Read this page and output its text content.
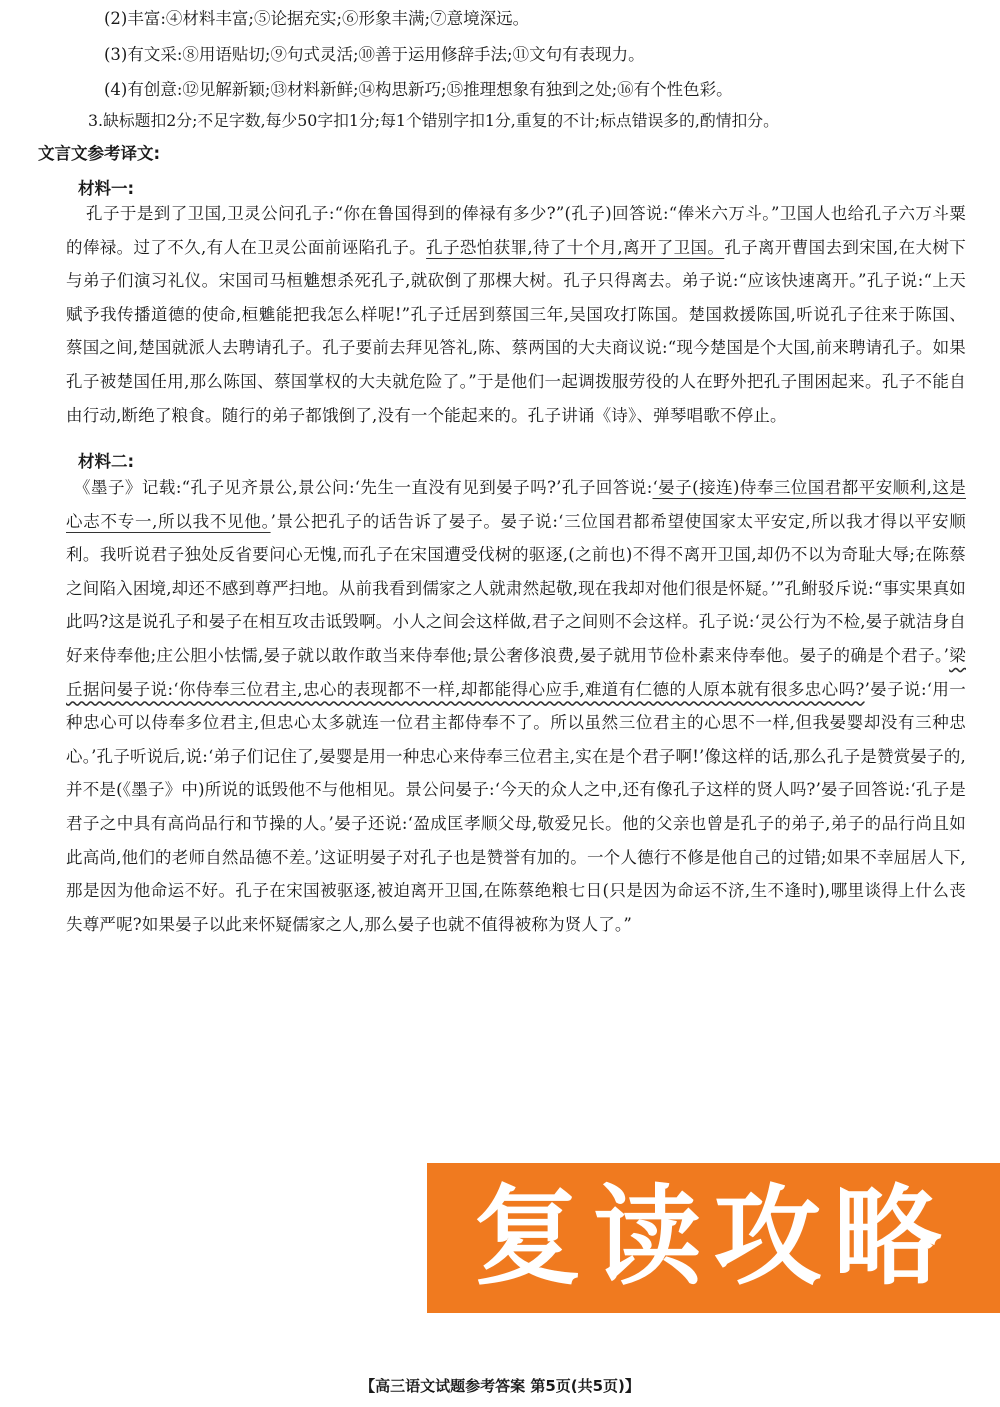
(2)丰富:④材料丰富;⑤论据充实;⑥形象丰满;⑦意境深远。
(3)有文采:⑧用语贴切;⑨句式灵活;⑩善于运用修辞手法;⑪文句有表现力。
(4)有创意:⑫见解新颖;⑬材料新鲜;⑭构思新巧;⑮推理想象有独到之处;⑯有个性色彩。
3.缺标题扣2分;不足字数,每少50字扣1分;每1个错别字扣1分,重复的不计;标点错误多的,酌情扣分。
文言文参考译文:
材料一:

孔子于是到了卫国,卫灵公问孔子:“你在鲁国得到的俸禄有多少?”(孔子)回答说:“俸米六万斗。”卫国人也给孔子六万斗粟的俸禄。过了不久,有人在卫灵公面前诬陷孔子。孔子恐怕获罪,待了十个月,离开了卫国。孔子离开曹国去到宋国,在大树下与弟子们演习礼仪。宋国司马桓魋想杀死孔子,就砍倒了那棵大树。孔子只得离去。弟子说:“应该快速离开。”孔子说:“上天赋予我传播道德的使命,桓魋能把我怎么样呢!”孔子迁居到蔡国三年,吴国攻打陈国。楚国救援陈国,听说孔子往来于陈国、蔡国之间,楚国就派人去聘请孔子。孔子要前去拜见答礼,陈、蔡两国的大夫商议说:“现今楚国是个大国,前来聘请孔子。如果孔子被楚国任用,那么陈国、蔡国掌权的大夫就危险了。”于是他们一起调拨服劳役的人在野外把孔子围困起来。孔子不能自由行动,断绝了粮食。随行的弟子都饿倒了,没有一个能起来的。孔子讲诵《诗》、弹琴唱歌不停止。

材料二:

《墨子》记载:“孔子见齐景公,景公问:‘先生一直没有见到晏子吗?’孔子回答说:‘晏子(接连)侍奉三位国君都平安顺利,这是心志不专一,所以我不见他。’景公把孔子的话告诉了晏子。晏子说:‘三位国君都希望使国家太平安定,所以我才得以平安顺利。我听说君子独处反省要问心无愧,而孔子在宋国遭受伐树的驱逐,(之前也)不得不离开卫国,却仍不以为奇耻大辱;在陈蔡之间陷入困境,却还不感到尊严扫地。从前我看到儒家之人就肃然起敬,现在我却对他们很是怀疑。’”孔鲋驳斥说:“事实果真如此吗?这是说孔子和晏子在相互攻击诋毁啊。小人之间会这样做,君子之间则不会这样。孔子说:‘灵公行为不检,晏子就洁身自好来侍奉他;庄公胆小怯懦,晏子就以敢作敢当来侍奉他;景公奢侈浪费,晏子就用节俭朴素来侍奉他。晏子的确是个君子。’梁丘据问晏子说:‘你侍奉三位君主,忠心的表现都不一样,却都能得心应手,难道有仁德的人原本就有很多忠心吗?’晏子说:‘用一种忠心可以侍奉多位君主,但忠心太多就连一位君主都侍奉不了。所以虽然三位君主的心思不一样,但我晏婴却没有三种忠心。’孔子听说后,说:‘弟子们记住了,晏婴是用一种忠心来侍奉三位君主,实在是个君子啊!’像这样的话,那么孔子是赞赏晏子的,并不是(《墨子》中)所说的诋毁他不与他相见。景公问晏子:‘今天的众人之中,还有像孔子这样的贤人吗?’晏子回答说:‘孔子是君子之中具有高尚品行和节操的人。’晏子还说:‘盈成匡孝顺父母,敬爱兄长。他的父亲也曾是孔子的弟子,弟子的品行尚且如此高尚,他们的老师自然品德不差。’这证明晏子对孔子也是赞誉有加的。一个人德行不修是他自己的过错;如果不幸屈居人下,那是因为他命运不好。孔子在宋国被驱逐,被迫离开卫国,在陈蔡绝粮七日(只是因为命运不济,生不逢时),哪里谈得上什么丧失尊严呢?如果晏子以此来怀疑儒家之人,那么晏子也就不值得被称为贤人了。”

复读攻略
【高三语文试题参考答案 第5页(共5页)】
